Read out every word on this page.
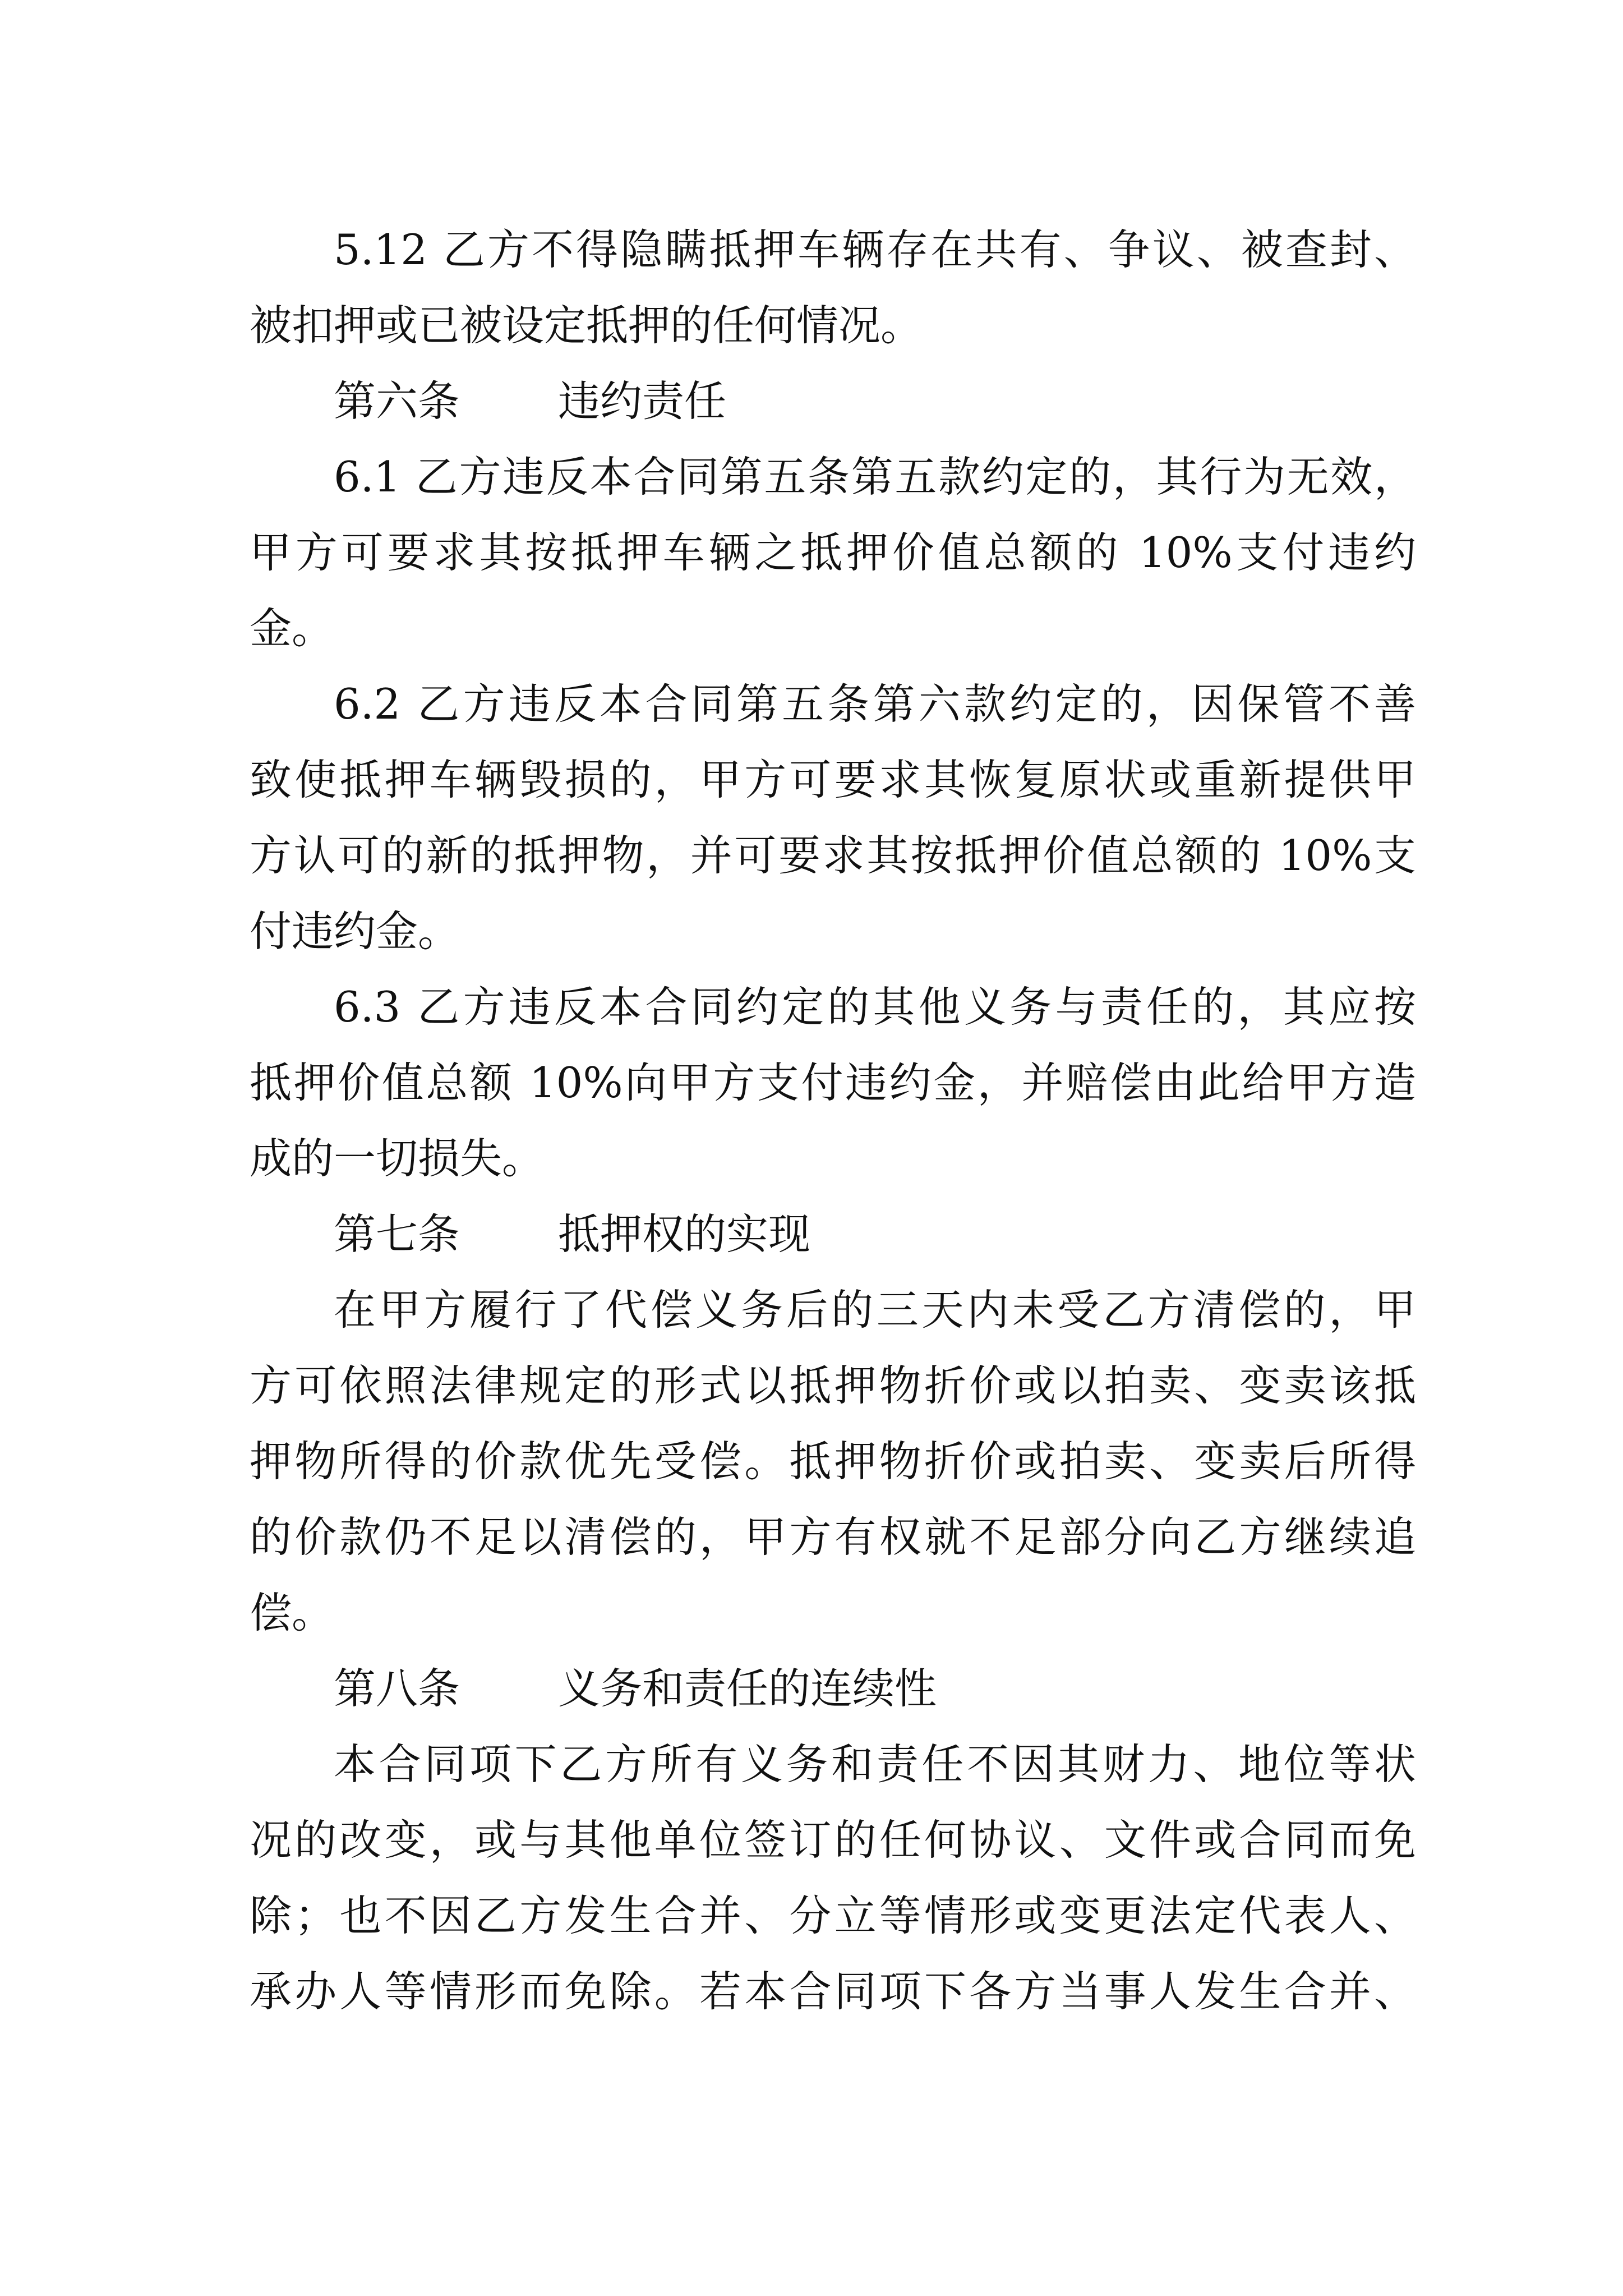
5.12 乙方不得隐瞒抵押车辆存在共有、争议、被查封、
被扣押或已被设定抵押的任何情况。
第六条 违约责任
6.1 乙方违反本合同第五条第五款约定的，其行为无效，
甲方可要求其按抵押车辆之抵押价值总额的 10%支付违约
金。
6.2 乙方违反本合同第五条第六款约定的，因保管不善
致使抵押车辆毁损的，甲方可要求其恢复原状或重新提供甲
方认可的新的抵押物，并可要求其按抵押价值总额的 10%支
付违约金。
6.3 乙方违反本合同约定的其他义务与责任的，其应按
抵押价值总额 10%向甲方支付违约金，并赔偿由此给甲方造
成的一切损失。
第七条 抵押权的实现
在甲方履行了代偿义务后的三天内未受乙方清偿的，甲
方可依照法律规定的形式以抵押物折价或以拍卖、变卖该抵
押物所得的价款优先受偿。抵押物折价或拍卖、变卖后所得
的价款仍不足以清偿的，甲方有权就不足部分向乙方继续追
偿。
第八条 义务和责任的连续性
本合同项下乙方所有义务和责任不因其财力、地位等状
况的改变，或与其他单位签订的任何协议、文件或合同而免
除；也不因乙方发生合并、分立等情形或变更法定代表人、
承办人等情形而免除。若本合同项下各方当事人发生合并、
